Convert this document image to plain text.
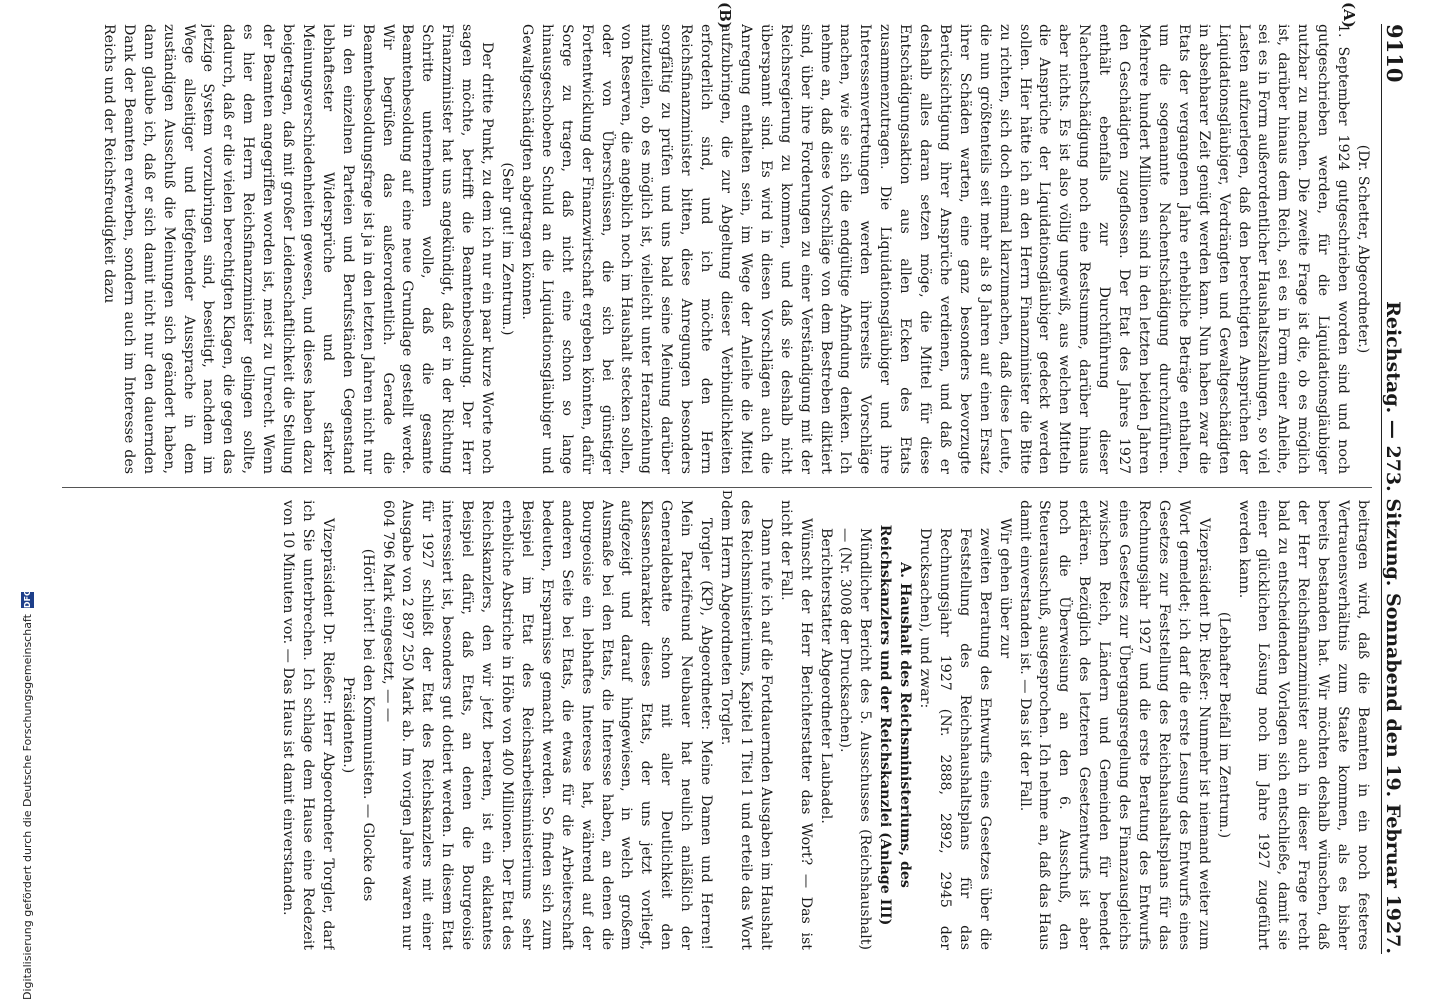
9110
Reichstag. — 273. Sitzung. Sonnabend den 19. Februar 1927.
(A)
(B)
D

(Dr. Schetter, Abgeordneter.)

1. September 1924 gutgeschrieben worden sind und noch gutgeschrieben werden, für die Liquidationsgläubiger nutzbar zu machen. Die zweite Frage ist die, ob es möglich ist, darüber hinaus dem Reich, sei es in Form einer Anleihe, sei es in Form außerordentlicher Haushaltszahlungen, so viel Lasten aufzuerlegen, daß den berechtigten Ansprüchen der Liquidationsgläubiger, Verdrängten und Gewaltgeschädigten in absehbarer Zeit genügt werden kann. Nun haben zwar die Etats der vergangenen Jahre erhebliche Beträge enthalten, um die sogenannte Nachentschädigung durchzuführen. Mehrere hundert Millionen sind in den letzten beiden Jahren den Geschädigten zugeflossen. Der Etat des Jahres 1927 enthält ebenfalls zur Durchführung dieser Nachentschädigung noch eine Restsumme, darüber hinaus aber nichts. Es ist also völlig ungewiß, aus welchen Mitteln die Ansprüche der Liquidationsgläubiger gedeckt werden sollen. Hier hätte ich an den Herrn Finanzminister die Bitte zu richten, sich doch einmal klarzumachen, daß diese Leute, die nun größtenteils seit mehr als 8 Jahren auf einen Ersatz ihrer Schäden warten, eine ganz besonders bevorzugte Berücksichtigung ihrer Ansprüche verdienen, und daß er deshalb alles daran setzen möge, die Mittel für diese Entschädigungsaktion aus allen Ecken des Etats zusammenzutragen. Die Liquidationsgläubiger und ihre Interessenvertretungen werden ihrerseits Vorschläge machen, wie sie sich die endgültige Abfindung denken. Ich nehme an, daß diese Vorschläge von dem Bestreben diktiert sind, über ihre Forderungen zu einer Verständigung mit der Reichsregierung zu kommen, und daß sie deshalb nicht überspannt sind. Es wird in diesen Vorschlägen auch die Anregung enthalten sein, im Wege der Anleihe die Mittel aufzubringen, die zur Abgeltung dieser Verbindlichkeiten erforderlich sind, und ich möchte den Herrn Reichsfinanzminister bitten, diese Anregungen besonders sorgfältig zu prüfen und uns bald seine Meinung darüber mitzuteilen, ob es möglich ist, vielleicht unter Heranziehung von Reserven, die angeblich noch im Haushalt stecken sollen, oder von Überschüssen, die sich bei günstiger Fortentwicklung der Finanzwirtschaft ergeben könnten, dafür Sorge zu tragen, daß nicht eine schon so lange hinausgeschobene Schuld an die Liquidationsgläubiger und Gewaltgeschädigten abgetragen können.

(Sehr gut! im Zentrum.)

Der dritte Punkt, zu dem ich nur ein paar kurze Worte noch sagen möchte, betrifft die Beamtenbesoldung. Der Herr Finanzminister hat uns angekündigt, daß er in der Richtung Schritte unternehmen wolle, daß die gesamte Beamtenbesoldung auf eine neue Grundlage gestellt werde. Wir begrüßen das außerordentlich. Gerade die Beamtenbesoldungsfrage ist ja in den letzten Jahren nicht nur in den einzelnen Parteien und Berufsständen Gegenstand lebhaftester Widersprüche und starker Meinungsverschiedenheiten gewesen, und dieses haben dazu beigetragen, daß mit großer Leidenschaftlichkeit die Stellung der Beamten angegriffen worden ist, meist zu Unrecht. Wenn es hier dem Herrn Reichsfinanzminister gelingen sollte, dadurch, daß er die vielen berechtigten Klagen, die gegen das jetzige System vorzubringen sind, beseitigt, nachdem im Wege allseitiger und tiefgehender Aussprache in dem zuständigen Ausschuß die Meinungen sich geändert haben, dann glaube ich, daß er sich damit nicht nur den dauernden Dank der Beamten erwerben, sondern auch im Interesse des Reichs und der Reichsfreudigkeit dazu

beitragen wird, daß die Beamten in ein noch festeres Vertrauensverhältnis zum Staate kommen, als es bisher bereits bestanden hat. Wir möchten deshalb wünschen, daß der Herr Reichsfinanzminister auch in dieser Frage recht bald zu entscheidenden Vorlagen sich entschließe, damit sie einer glücklichen Lösung noch im Jahre 1927 zugeführt werden kann.

(Lebhafter Beifall im Zentrum.)

Vizepräsident Dr. Rießer: Nunmehr ist niemand weiter zum Wort gemeldet; ich darf die erste Lesung des Entwurfs eines Gesetzes zur Feststellung des Reichshaushaltsplans für das Rechnungsjahr 1927 und die erste Beratung des Entwurfs eines Gesetzes zur Übergangsregelung des Finanzausgleichs zwischen Reich, Ländern und Gemeinden für beendet erklären. Bezüglich des letzteren Gesetzentwurfs ist aber noch die Überweisung an den 6. Ausschuß, den Steuerausschuß, ausgesprochen. Ich nehme an, daß das Haus damit einverstanden ist. — Das ist der Fall.

Wir gehen über zur

zweiten Beratung des Entwurfs eines Gesetzes über die Feststellung des Reichshaushaltsplans für das Rechnungsjahr 1927 (Nr. 2888, 2892, 2945 der Drucksachen), und zwar:

A. Haushalt des Reichsministeriums, des Reichskanzlers und der Reichskanzlei (Anlage III)

Mündlicher Bericht des 5. Ausschusses (Reichshaushalt) — (Nr. 3008 der Drucksachen).

Berichterstatter Abgeordneter Laubadel.

Wünscht der Herr Berichterstatter das Wort? — Das ist nicht der Fall.

Dann rufe ich auf die Fortdauernden Ausgaben im Haushalt des Reichsministeriums, Kapitel 1 Titel 1 und erteile das Wort dem Herrn Abgeordneten Torgler.

Torgler (KP), Abgeordneter: Meine Damen und Herren! Mein Parteifreund Neubauer hat neulich anläßlich der Generaldebatte schon mit aller Deutlichkeit den Klassencharakter dieses Etats, der uns jetzt vorliegt, aufgezeigt und darauf hingewiesen, in welch großem Ausmaße bei den Etats, die Interesse haben, an denen die Bourgeoisie ein lebhaftes Interesse hat, während auf der anderen Seite bei Etats, die etwas für die Arbeiterschaft bedeuten, Ersparnisse gemacht werden. So finden sich zum Beispiel im Etat des Reichsarbeitsministeriums sehr erhebliche Abstriche in Höhe von 400 Millionen. Der Etat des Reichskanzlers, den wir jetzt beraten, ist ein eklatantes Beispiel dafür, daß Etats, an denen die Bourgeoisie interessiert ist, besonders gut dotiert werden. In diesem Etat für 1927 schließt der Etat des Reichskanzlers mit einer Ausgabe von 2 897 250 Mark ab. Im vorigen Jahre waren nur 604 796 Mark eingesetzt, — —

(Hört! hört! bei den Kommunisten. — Glocke des Präsidenten.)

Vizepräsident Dr. Rießer: Herr Abgeordneter Torgler, darf ich Sie unterbrechen. Ich schlage dem Hause eine Redezeit von 10 Minuten vor. — Das Haus ist damit einverstanden.

Digitalisierung gefördert durch die Deutsche Forschungsgemeinschaft
DFG
